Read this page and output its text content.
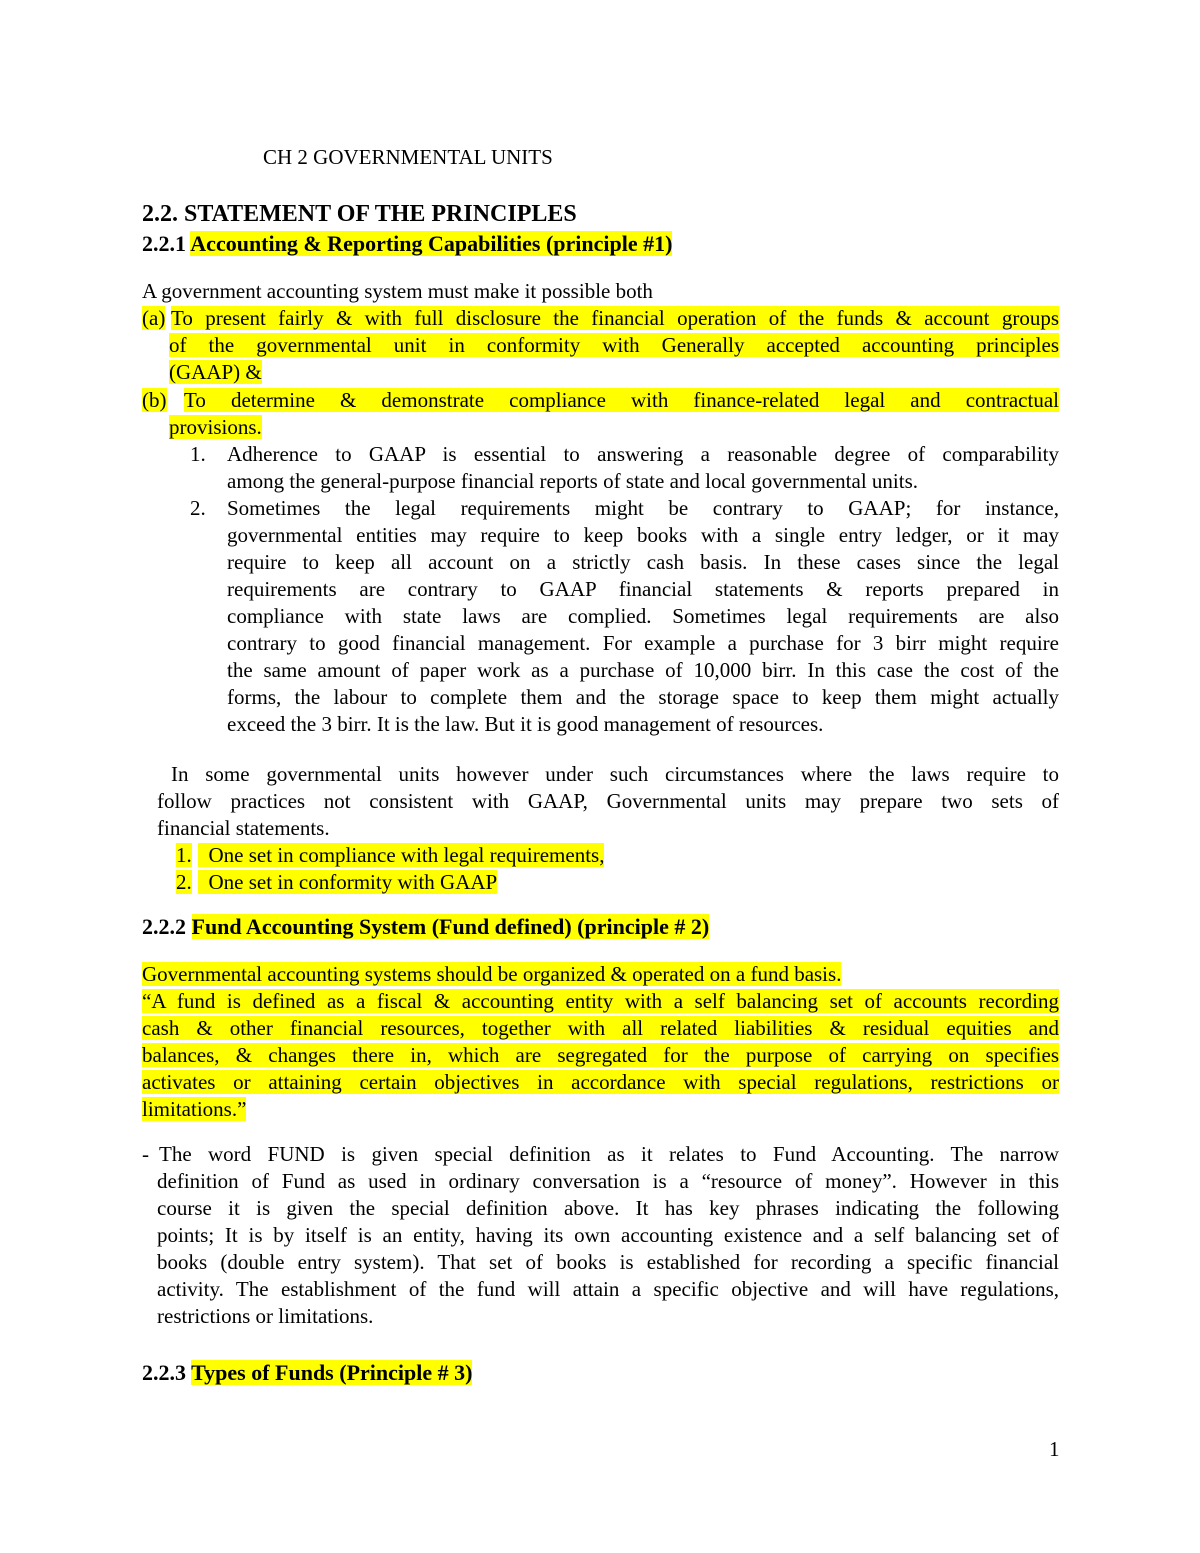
CH 2 GOVERNMENTAL UNITS
2.2. STATEMENT OF THE PRINCIPLES
2.2.1 Accounting & Reporting Capabilities (principle #1)
A government accounting system must make it possible both
(a) To present fairly & with full disclosure the financial operation of the funds & account groups
of the governmental unit in conformity with Generally accepted accounting principles
(GAAP) &
(b) To determine & demonstrate compliance with finance-related legal and contractual
provisions.
1. Adherence to GAAP is essential to answering a reasonable degree of comparability
among the general-purpose financial reports of state and local governmental units.
2. Sometimes the legal requirements might be contrary to GAAP; for instance,
governmental entities may require to keep books with a single entry ledger, or it may
require to keep all account on a strictly cash basis. In these cases since the legal
requirements are contrary to GAAP financial statements & reports prepared in
compliance with state laws are complied. Sometimes legal requirements are also
contrary to good financial management. For example a purchase for 3 birr might require
the same amount of paper work as a purchase of 10,000 birr. In this case the cost of the
forms, the labour to complete them and the storage space to keep them might actually
exceed the 3 birr. It is the law. But it is good management of resources.
In some governmental units however under such circumstances where the laws require to
follow practices not consistent with GAAP, Governmental units may prepare two sets of
financial statements.
1. One set in compliance with legal requirements,
2. One set in conformity with GAAP
2.2.2 Fund Accounting System (Fund defined) (principle # 2)
Governmental accounting systems should be organized & operated on a fund basis.
“A fund is defined as a fiscal & accounting entity with a self balancing set of accounts recording
cash & other financial resources, together with all related liabilities & residual equities and
balances, & changes there in, which are segregated for the purpose of carrying on specifies
activates or attaining certain objectives in accordance with special regulations, restrictions or
limitations.”
- The word FUND is given special definition as it relates to Fund Accounting. The narrow
definition of Fund as used in ordinary conversation is a “resource of money”. However in this
course it is given the special definition above. It has key phrases indicating the following
points; It is by itself is an entity, having its own accounting existence and a self balancing set of
books (double entry system). That set of books is established for recording a specific financial
activity. The establishment of the fund will attain a specific objective and will have regulations,
restrictions or limitations.
2.2.3 Types of Funds (Principle # 3)
1
